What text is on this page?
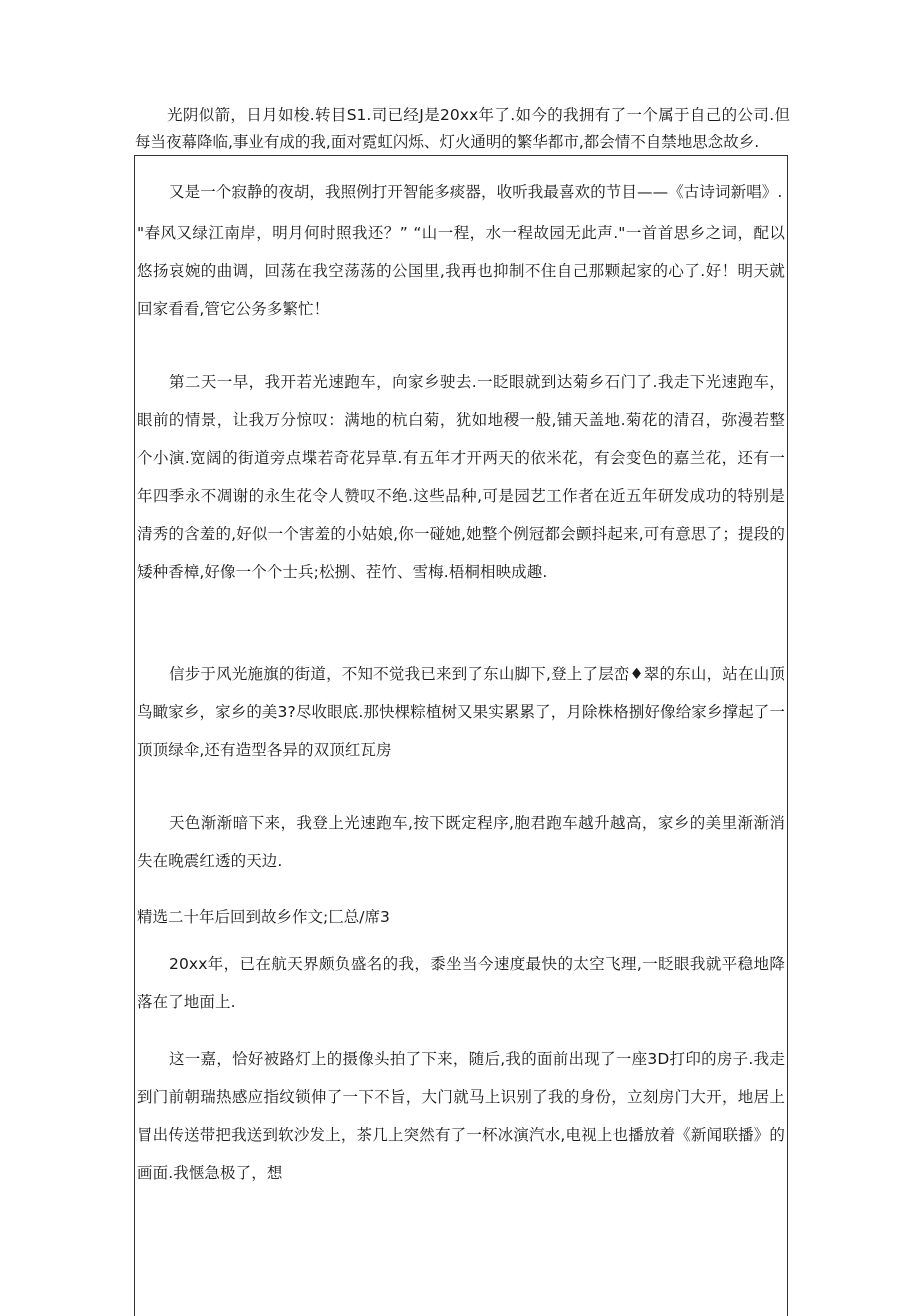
光阴似箭，日月如梭.转目S1.司已经J是20xx年了.如今的我拥有了一个属于自己的公司.但每当夜幕降临,事业有成的我,面对霓虹闪烁、灯火通明的繁华都市,都会情不自禁地思念故乡.

又是一个寂静的夜胡，我照例打开智能多痰器，收听我最喜欢的节目——《古诗词新唱》.

"春风又绿江南岸，明月何时照我还？” “山一程，水一程故园无此声."一首首思乡之词，配以悠扬哀婉的曲调，回荡在我空荡荡的公国里,我再也抑制不住自己那颗起家的心了.好！明天就回家看看,管它公务多繁忙！

第二天一早，我开若光速跑车，向家乡驶去.一眨眼就到达菊乡石门了.我走下光速跑车，眼前的情景，让我万分惊叹：满地的杭白菊，犹如地稷一般,铺天盖地.菊花的清召，弥漫若整个小演.宽阔的街道旁点堞若奇花异草.有五年才开两天的依米花，有会变色的嘉兰花，还有一年四季永不凋谢的永生花令人赞叹不绝.这些品种,可是园艺工作者在近五年研发成功的特别是清秀的含羞的,好似一个害羞的小姑娘,你一碰她,她整个例冠都会颤抖起来,可有意思了；提段的矮种香樟,好像一个个士兵;松捌、茬竹、雪梅.梧桐相映成趣.

信步于风光施旗的街道，不知不觉我已来到了东山脚下,登上了层峦♦翠的东山，站在山顶鸟瞰家乡，家乡的美3?尽收眼底.那快棵粽植树又果实累累了，月除株格捌好像给家乡撑起了一顶顶绿伞,还有造型各异的双顶红瓦房

天色渐渐暗下来，我登上光速跑车,按下既定程序,胞君跑车越升越高，家乡的美里渐渐消失在晚震红透的天边.

精选二十年后回到故乡作文;匚总/席3

20xx年，已在航天界颇负盛名的我，黍坐当今速度最快的太空飞理,一眨眼我就平稳地降落在了地面上.

这一嘉，恰好被路灯上的摄像头拍了下来，随后,我的面前出现了一座3D打印的房子.我走到门前朝瑞热感应指纹锁伸了一下不旨，大门就马上识别了我的身份，立刻房门大开，地居上冒出传送带把我送到软沙发上，茶几上突然有了一杯冰演汽水,电视上也播放着《新闻联播》的画面.我惬急极了，想
